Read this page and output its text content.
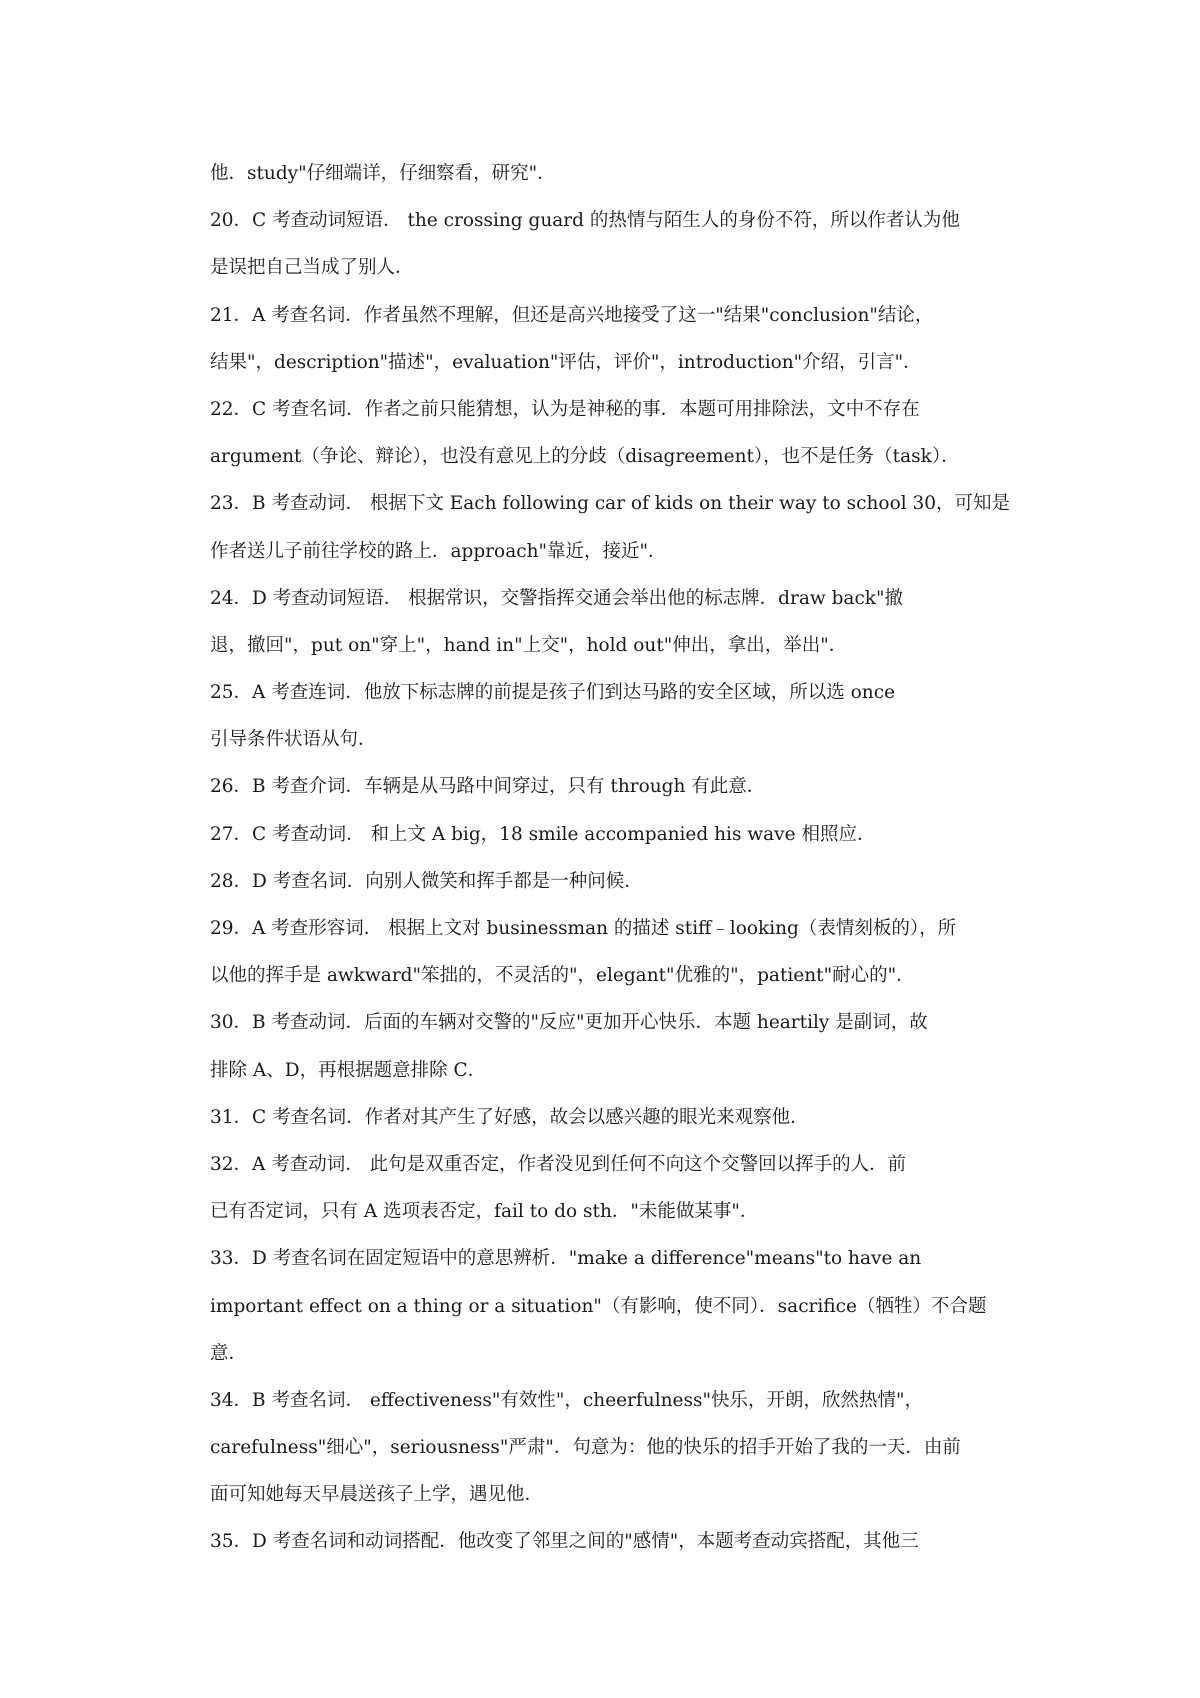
他．study"仔细端详，仔细察看，研究"．
20．C 考查动词短语． the crossing guard 的热情与陌生人的身份不符，所以作者认为他
是误把自己当成了别人．
21．A 考查名词．作者虽然不理解，但还是高兴地接受了这一"结果"conclusion"结论，
结果"，description"描述"，evaluation"评估，评价"，introduction"介绍，引言"．
22．C 考查名词．作者之前只能猜想，认为是神秘的事．本题可用排除法，文中不存在
argument（争论、辩论），也没有意见上的分歧（disagreement），也不是任务（task）．
23．B 考查动词． 根据下文 Each following car of kids on their way to school 30，可知是
作者送儿子前往学校的路上．approach"靠近，接近"．
24．D 考查动词短语． 根据常识，交警指挥交通会举出他的标志牌．draw back"撤
退，撤回"，put on"穿上"，hand in"上交"，hold out"伸出，拿出，举出"．
25．A 考查连词．他放下标志牌的前提是孩子们到达马路的安全区域，所以选 once
引导条件状语从句．
26．B 考查介词．车辆是从马路中间穿过，只有 through 有此意．
27．C 考查动词． 和上文 A big，18 smile accompanied his wave 相照应．
28．D 考查名词．向别人微笑和挥手都是一种问候．
29．A 考查形容词． 根据上文对 businessman 的描述 stiff﹣looking（表情刻板的），所
以他的挥手是 awkward"笨拙的，不灵活的"，elegant"优雅的"，patient"耐心的"．
30．B 考查动词．后面的车辆对交警的"反应"更加开心快乐．本题 heartily 是副词，故
排除 A、D，再根据题意排除 C．
31．C 考查名词．作者对其产生了好感，故会以感兴趣的眼光来观察他．
32．A 考查动词． 此句是双重否定，作者没见到任何不向这个交警回以挥手的人．前
已有否定词，只有 A 选项表否定，fail to do sth．"未能做某事"．
33．D 考查名词在固定短语中的意思辨析．"make a difference"means"to have an
important effect on a thing or a situation"（有影响，使不同）．sacrifice（牺牲）不合题
意．
34．B 考查名词． effectiveness"有效性"，cheerfulness"快乐，开朗，欣然热情"，
carefulness"细心"，seriousness"严肃"．句意为：他的快乐的招手开始了我的一天．由前
面可知她每天早晨送孩子上学，遇见他．
35．D 考查名词和动词搭配．他改变了邻里之间的"感情"，本题考查动宾搭配，其他三
